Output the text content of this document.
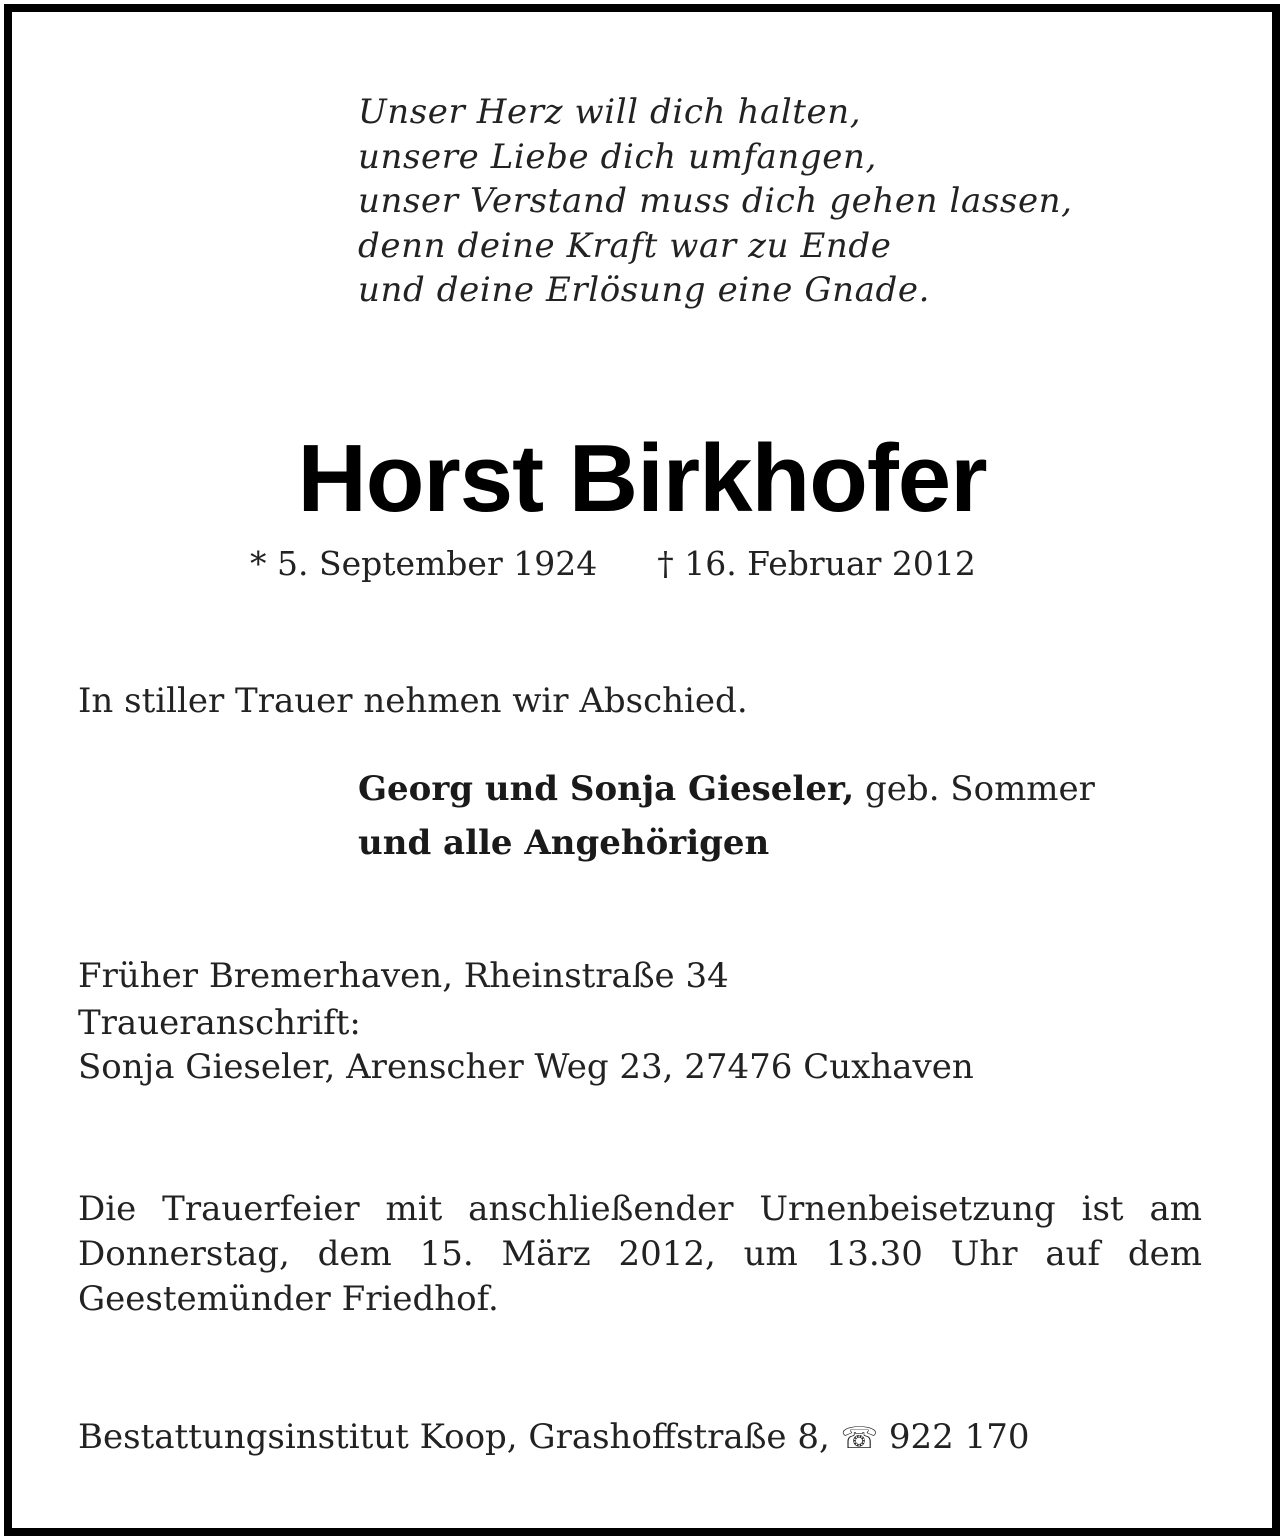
Unser Herz will dich halten,
unsere Liebe dich umfangen,
unser Verstand muss dich gehen lassen,
denn deine Kraft war zu Ende
und deine Erlösung eine Gnade.
Horst Birkhofer
* 5. September 1924 † 16. Februar 2012
In stiller Trauer nehmen wir Abschied.
Georg und Sonja Gieseler, geb. Sommer
und alle Angehörigen
Früher Bremerhaven, Rheinstraße 34
Traueranschrift:
Sonja Gieseler, Arenscher Weg 23, 27476 Cuxhaven
Die Trauerfeier mit anschließender Urnenbeisetzung ist am Donnerstag, dem 15. März 2012, um 13.30 Uhr auf dem Geestemünder Friedhof.
Bestattungsinstitut Koop, Grashoffstraße 8, ☏ 922 170
